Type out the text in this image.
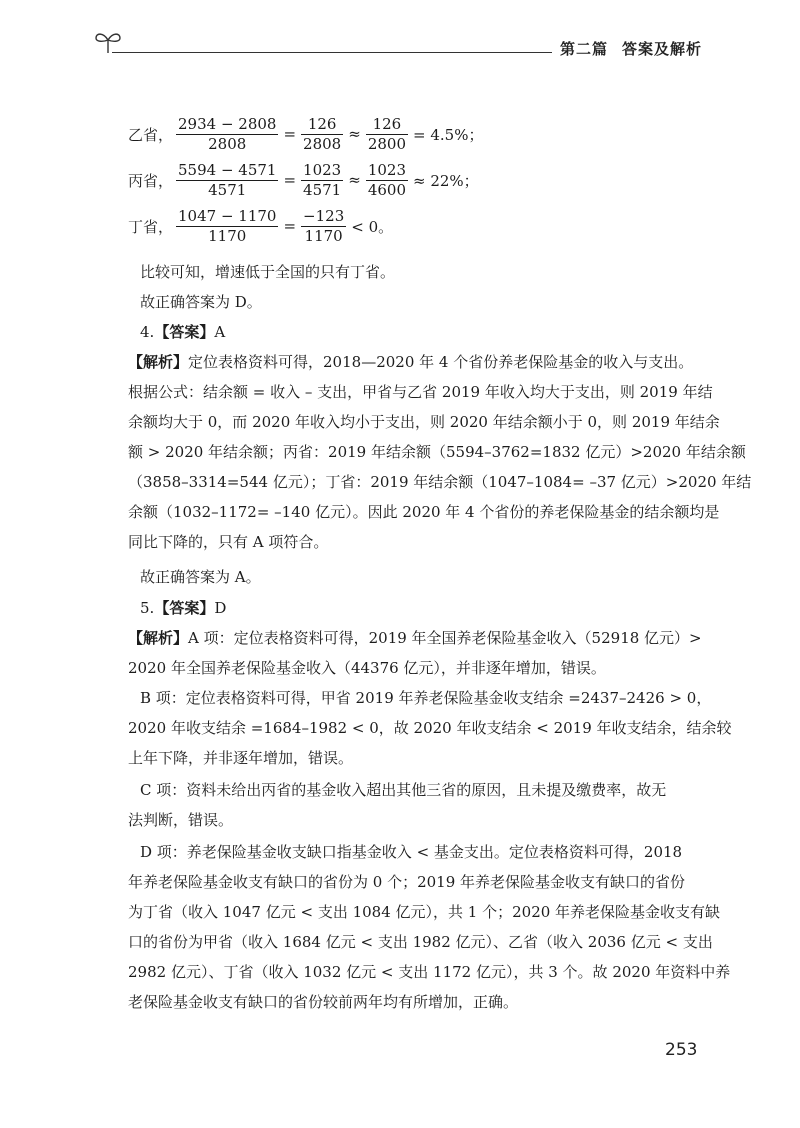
第二篇 答案及解析
乙省， $\frac{2934 - 2808}{2808} = \frac{126}{2808} \approx \frac{126}{2800} = 4.5\%$；
丙省， $\frac{5594 - 4571}{4571} = \frac{1023}{4571} \approx \frac{1023}{4600} \approx 22\%$；
丁省， $\frac{1047 - 1170}{1170} = \frac{-123}{1170} < 0$。
比较可知，增速低于全国的只有丁省。
故正确答案为 D。
4.【答案】A
【解析】定位表格资料可得，2018—2020 年 4 个省份养老保险基金的收入与支出。
根据公式：结余额 = 收入 – 支出，甲省与乙省 2019 年收入均大于支出，则 2019 年结
余额均大于 0，而 2020 年收入均小于支出，则 2020 年结余额小于 0，则 2019 年结余
额 > 2020 年结余额；丙省：2019 年结余额（5594–3762=1832 亿元）>2020 年结余额
（3858–3314=544 亿元）；丁省：2019 年结余额（1047–1084= –37 亿元）>2020 年结
余额（1032–1172= –140 亿元）。因此 2020 年 4 个省份的养老保险基金的结余额均是
同比下降的，只有 A 项符合。
故正确答案为 A。
5.【答案】D
【解析】A 项：定位表格资料可得，2019 年全国养老保险基金收入（52918 亿元）>
2020 年全国养老保险基金收入（44376 亿元），并非逐年增加，错误。
B 项：定位表格资料可得，甲省 2019 年养老保险基金收支结余 =2437–2426 > 0，
2020 年收支结余 =1684–1982 < 0，故 2020 年收支结余 < 2019 年收支结余，结余较
上年下降，并非逐年增加，错误。
C 项：资料未给出丙省的基金收入超出其他三省的原因，且未提及缴费率，故无
法判断，错误。
D 项：养老保险基金收支缺口指基金收入 < 基金支出。定位表格资料可得，2018
年养老保险基金收支有缺口的省份为 0 个；2019 年养老保险基金收支有缺口的省份
为丁省（收入 1047 亿元 < 支出 1084 亿元），共 1 个；2020 年养老保险基金收支有缺
口的省份为甲省（收入 1684 亿元 < 支出 1982 亿元）、乙省（收入 2036 亿元 < 支出
2982 亿元）、丁省（收入 1032 亿元 < 支出 1172 亿元），共 3 个。故 2020 年资料中养
老保险基金收支有缺口的省份较前两年均有所增加，正确。
253
